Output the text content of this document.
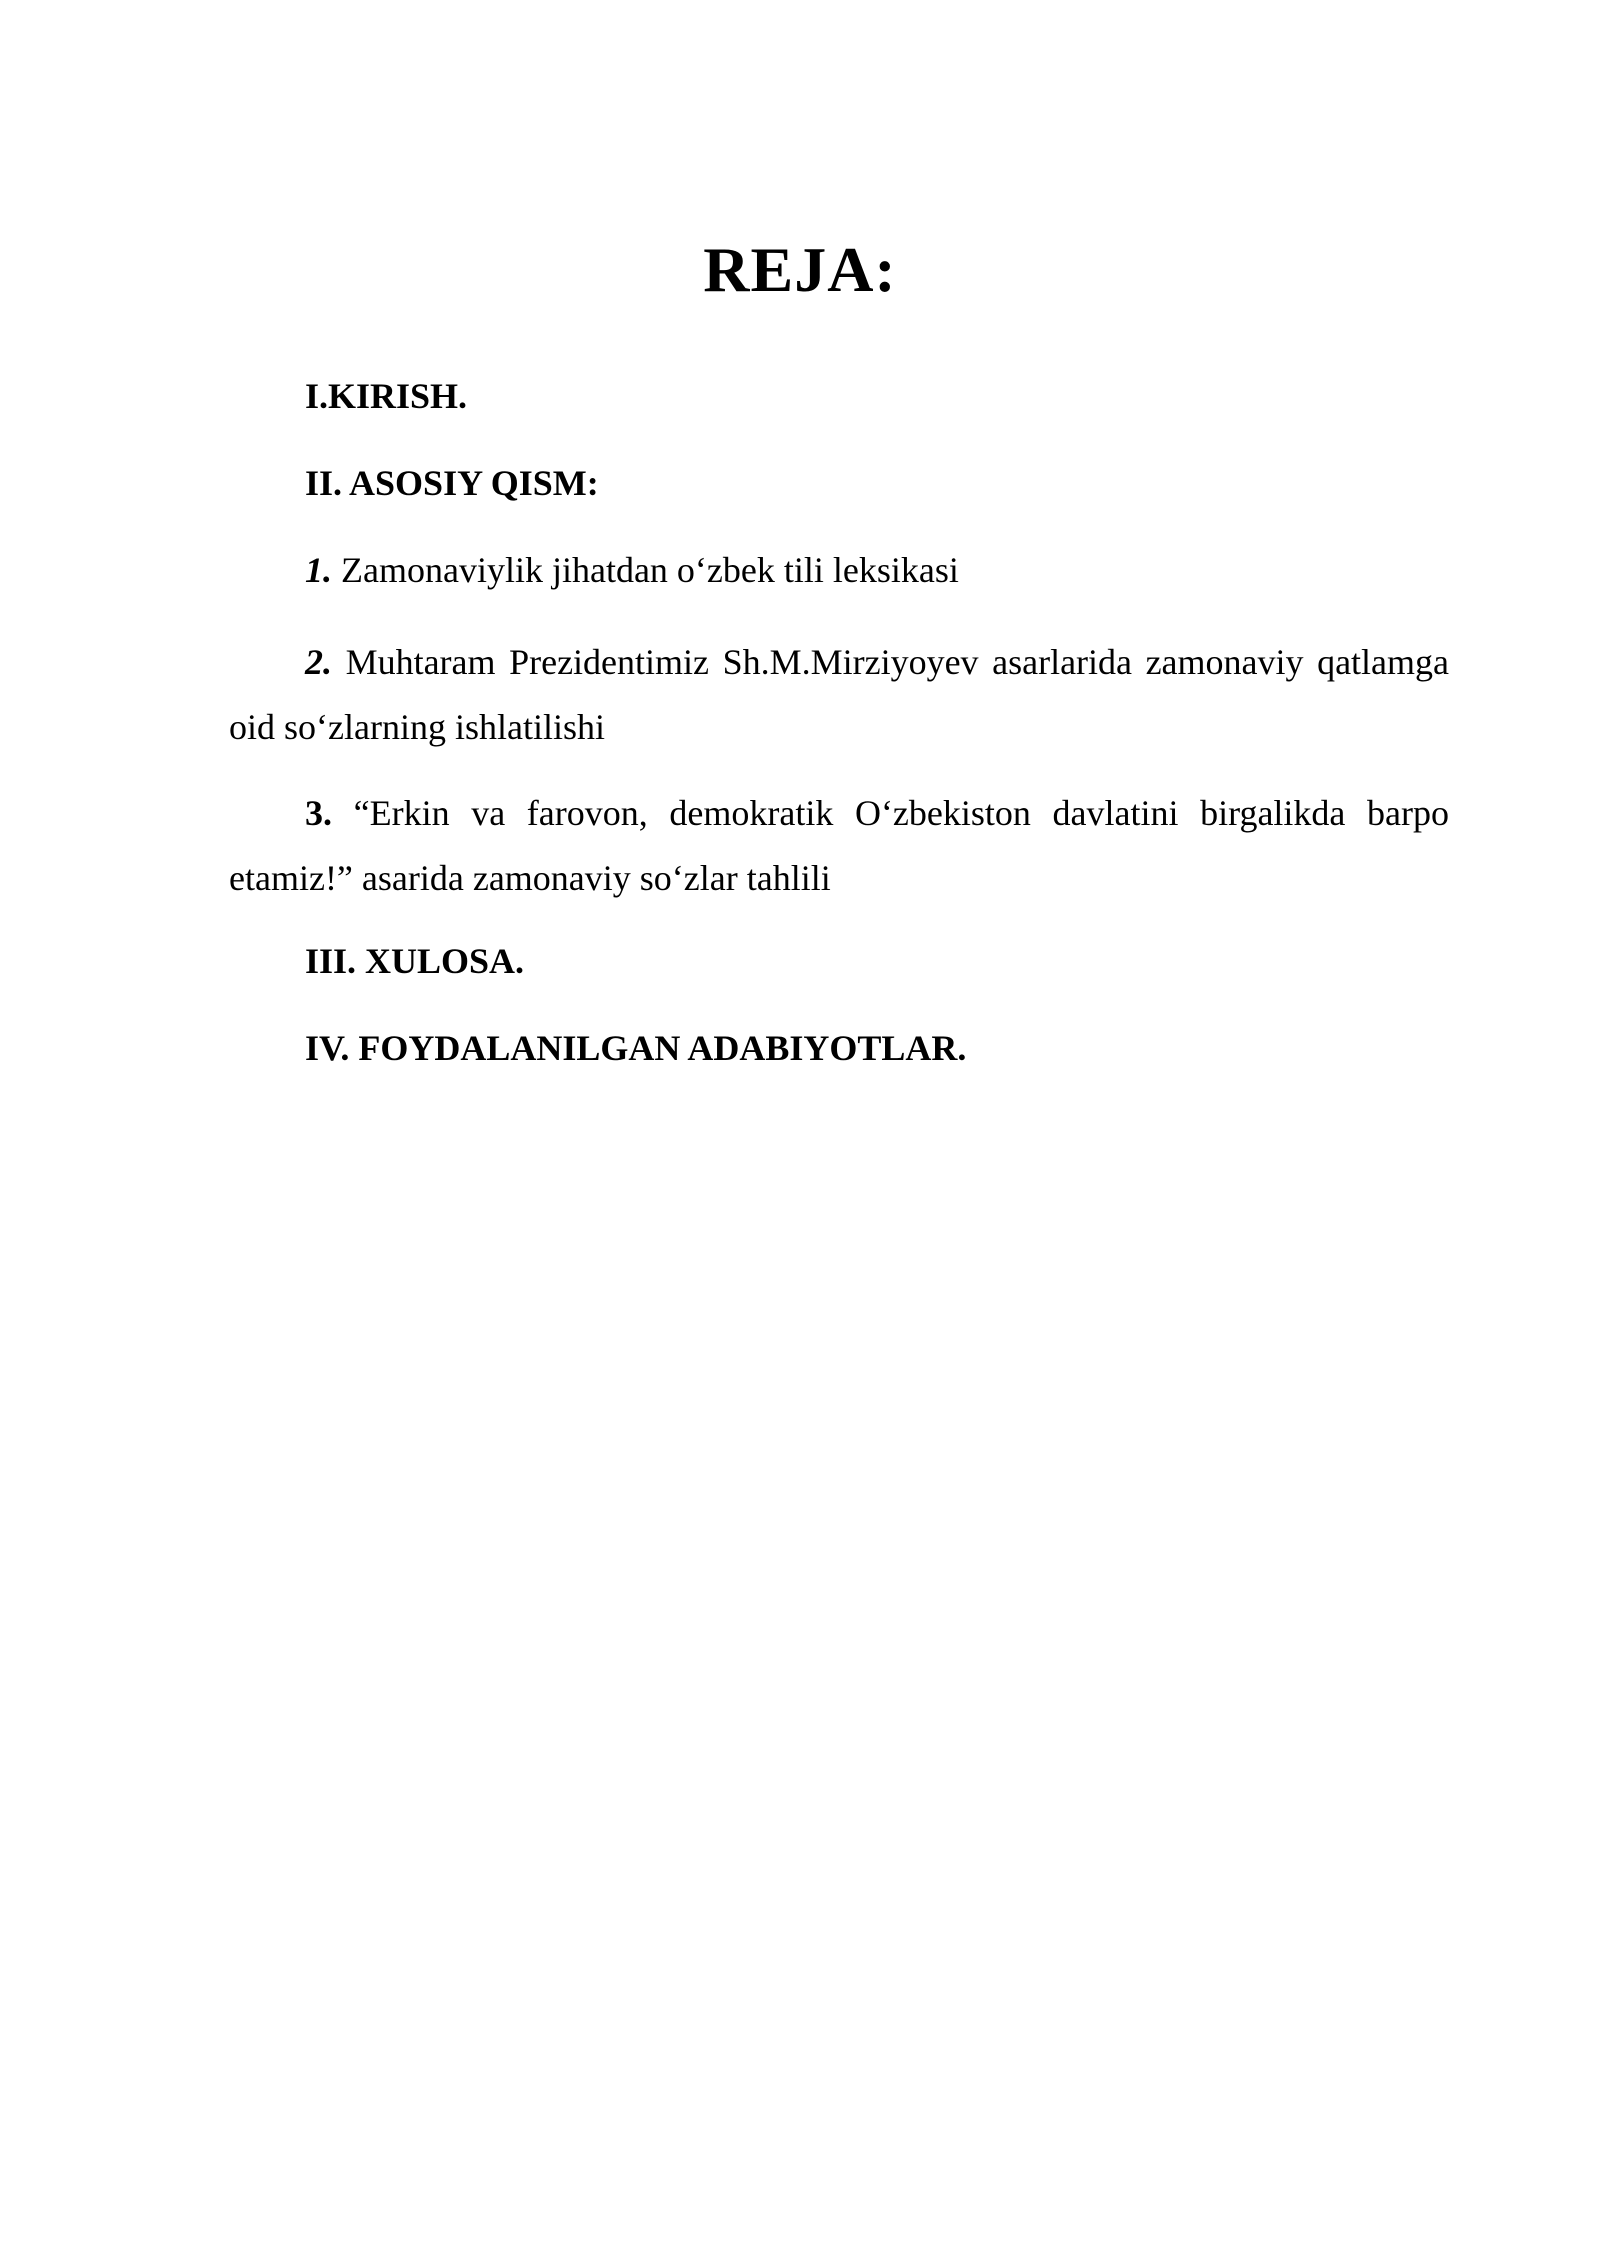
REJA:

I.KIRISH.

II. ASOSIY QISM:

1. Zamonaviylik jihatdan o‘zbek tili leksikasi

2. Muhtaram Prezidentimiz Sh.M.Mirziyoyev asarlarida zamonaviy qatlamga oid so‘zlarning ishlatilishi

3. “Erkin va farovon, demokratik O‘zbekiston davlatini birgalikda barpo etamiz!” asarida zamonaviy so‘zlar tahlili

III. XULOSA.

IV. FOYDALANILGAN ADABIYOTLAR.
